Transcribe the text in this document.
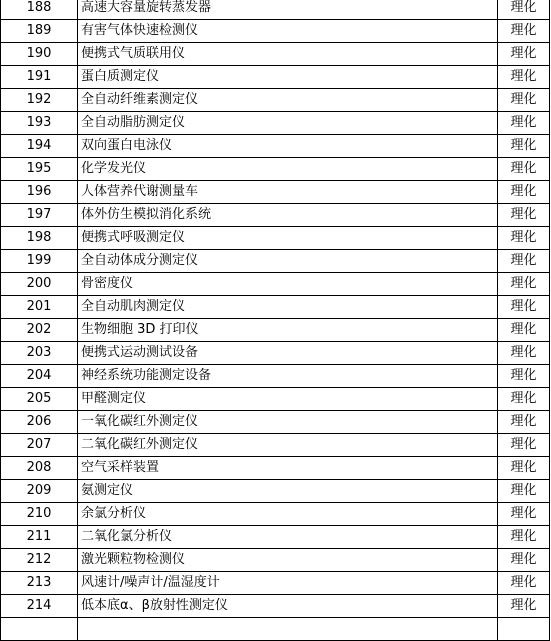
188	高速大容量旋转蒸发器	理化
189	有害气体快速检测仪	理化
190	便携式气质联用仪	理化
191	蛋白质测定仪	理化
192	全自动纤维素测定仪	理化
193	全自动脂肪测定仪	理化
194	双向蛋白电泳仪	理化
195	化学发光仪	理化
196	人体营养代谢测量车	理化
197	体外仿生模拟消化系统	理化
198	便携式呼吸测定仪	理化
199	全自动体成分测定仪	理化
200	骨密度仪	理化
201	全自动肌肉测定仪	理化
202	生物细胞 3D 打印仪	理化
203	便携式运动测试设备	理化
204	神经系统功能测定设备	理化
205	甲醛测定仪	理化
206	一氧化碳红外测定仪	理化
207	二氧化碳红外测定仪	理化
208	空气采样装置	理化
209	氨测定仪	理化
210	余氯分析仪	理化
211	二氧化氯分析仪	理化
212	激光颗粒物检测仪	理化
213	风速计/噪声计/温湿度计	理化
214	低本底α、β放射性测定仪	理化
